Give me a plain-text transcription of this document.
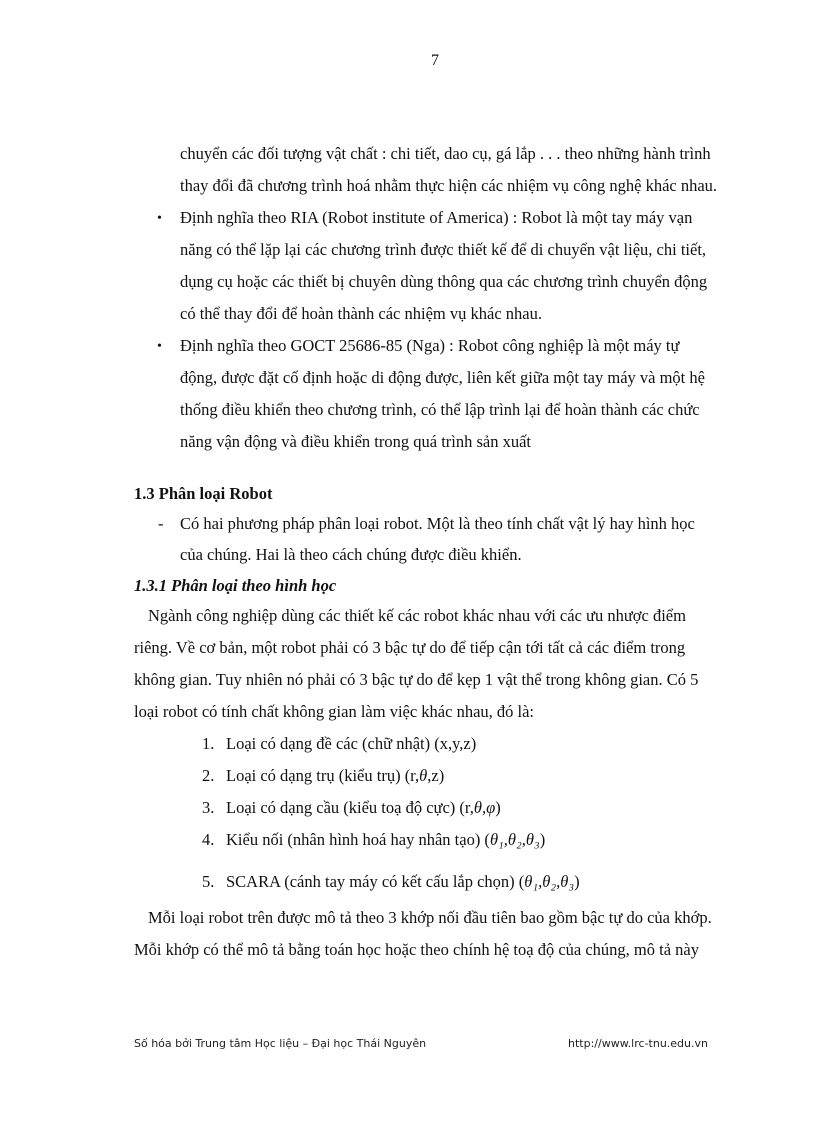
7
chuyển các đối tượng vật chất : chi tiết, dao cụ, gá lắp . . . theo những hành trình
thay đổi đã chương trình hoá nhằm thực hiện các nhiệm vụ công nghệ khác nhau.
• Định nghĩa theo RIA (Robot institute of America) : Robot là một tay máy vạn
năng có thể lặp lại các chương trình được thiết kế để di chuyển vật liệu, chi tiết,
dụng cụ hoặc các thiết bị chuyên dùng thông qua các chương trình chuyển động
có thể thay đổi để hoàn thành các nhiệm vụ khác nhau.
• Định nghĩa theo GOCT 25686-85 (Nga) : Robot công nghiệp là một máy tự
động, được đặt cố định hoặc di động được, liên kết giữa một tay máy và một hệ
thống điều khiển theo chương trình, có thể lập trình lại để hoàn thành các chức
năng vận động và điều khiển trong quá trình sản xuất
1.3 Phân loại Robot
- Có hai phương pháp phân loại robot. Một là theo tính chất vật lý hay hình học
của chúng. Hai là theo cách chúng được điều khiển.
1.3.1 Phân loại theo hình học
Ngành công nghiệp dùng các thiết kế các robot khác nhau với các ưu nhược điểm
riêng. Về cơ bản, một robot phải có 3 bậc tự do để tiếp cận tới tất cả các điểm trong
không gian. Tuy nhiên nó phải có 3 bậc tự do để kẹp 1 vật thể trong không gian. Có 5
loại robot có tính chất không gian làm việc khác nhau, đó là:
1. Loại có dạng đề các (chữ nhật) (x,y,z)
2. Loại có dạng trụ (kiểu trụ) (r,θ,z)
3. Loại có dạng cầu (kiểu toạ độ cực) (r,θ,φ)
4. Kiểu nối (nhân hình hoá hay nhân tạo) (θ₁,θ₂,θ₃)
5. SCARA (cánh tay máy có kết cấu lắp chọn) (θ₁,θ₂,θ₃)
Mỗi loại robot trên được mô tả theo 3 khớp nối đầu tiên bao gồm bậc tự do của khớp.
Mỗi khớp có thể mô tả bằng toán học hoặc theo chính hệ toạ độ của chúng, mô tả này
Số hóa bởi Trung tâm Học liệu – Đại học Thái Nguyên	http://www.lrc-tnu.edu.vn
